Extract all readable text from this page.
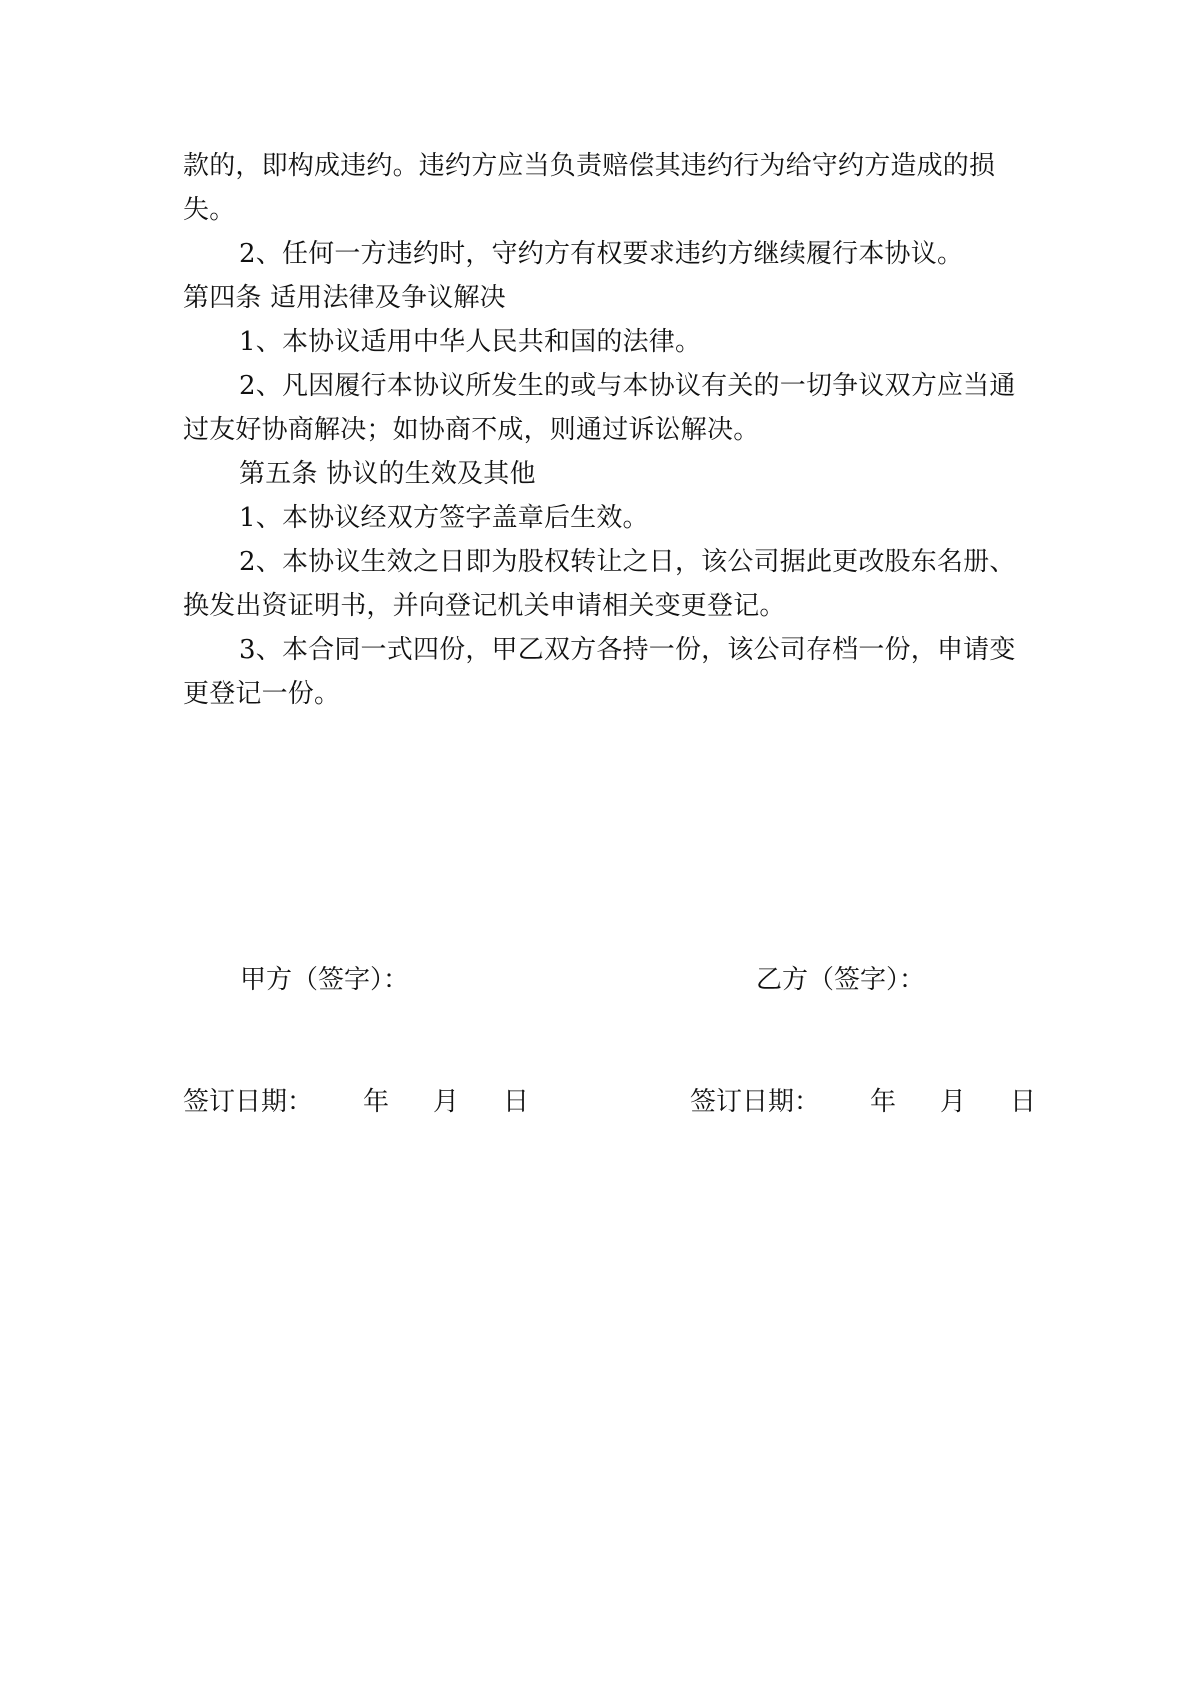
款的，即构成违约。违约方应当负责赔偿其违约行为给守约方造成的损失。

2、任何一方违约时，守约方有权要求违约方继续履行本协议。

第四条 适用法律及争议解决

1、本协议适用中华人民共和国的法律。

2、凡因履行本协议所发生的或与本协议有关的一切争议双方应当通过友好协商解决；如协商不成，则通过诉讼解决。

第五条 协议的生效及其他

1、本协议经双方签字盖章后生效。

2、本协议生效之日即为股权转让之日，该公司据此更改股东名册、换发出资证明书，并向登记机关申请相关变更登记。

3、本合同一式四份，甲乙双方各持一份，该公司存档一份，申请变更登记一份。

甲方（签字）：	乙方（签字）：
签订日期： 年 月 日	签订日期： 年 月 日
